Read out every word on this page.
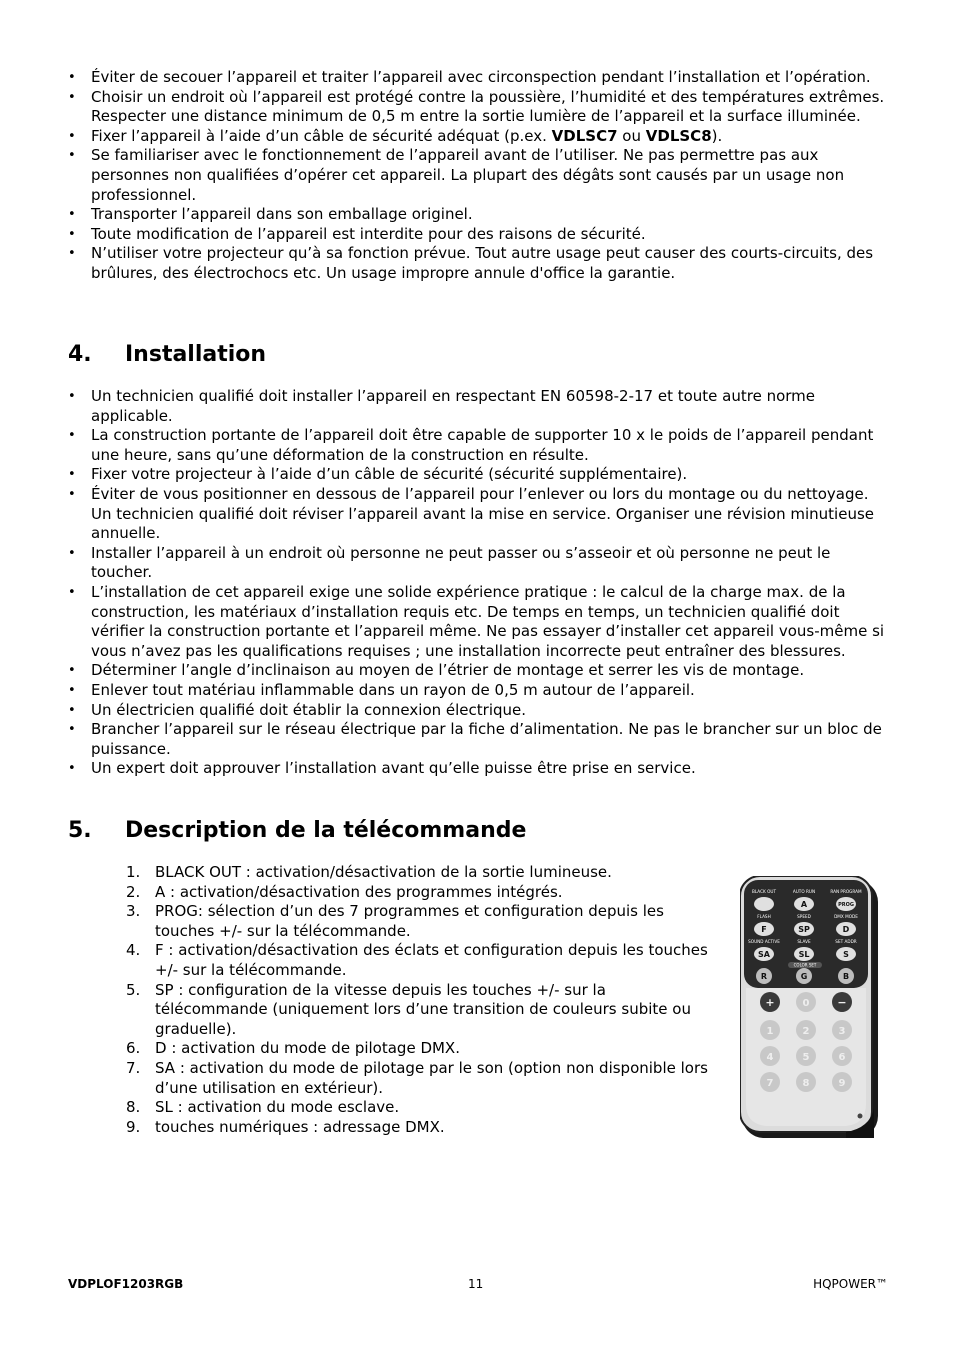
• Éviter de secouer l’appareil et traiter l’appareil avec circonspection pendant l’installation et l’opération.
• Choisir un endroit où l’appareil est protégé contre la poussière, l’humidité et des températures extrêmes. Respecter une distance minimum de 0,5 m entre la sortie lumière de l’appareil et la surface illuminée.
• Fixer l’appareil à l’aide d’un câble de sécurité adéquat (p.ex. VDLSC7 ou VDLSC8).
• Se familiariser avec le fonctionnement de l’appareil avant de l’utiliser. Ne pas permettre pas aux personnes non qualifiées d’opérer cet appareil. La plupart des dégâts sont causés par un usage non professionnel.
• Transporter l’appareil dans son emballage originel.
• Toute modification de l’appareil est interdite pour des raisons de sécurité.
• N’utiliser votre projecteur qu’à sa fonction prévue. Tout autre usage peut causer des courts-circuits, des brûlures, des électrochocs etc. Un usage impropre annule d'office la garantie.
4. Installation
• Un technicien qualifié doit installer l’appareil en respectant EN 60598-2-17 et toute autre norme applicable.
• La construction portante de l’appareil doit être capable de supporter 10 x le poids de l’appareil pendant une heure, sans qu’une déformation de la construction en résulte.
• Fixer votre projecteur à l’aide d’un câble de sécurité (sécurité supplémentaire).
• Éviter de vous positionner en dessous de l’appareil pour l’enlever ou lors du montage ou du nettoyage. Un technicien qualifié doit réviser l’appareil avant la mise en service. Organiser une révision minutieuse annuelle.
• Installer l’appareil à un endroit où personne ne peut passer ou s’asseoir et où personne ne peut le toucher.
• L’installation de cet appareil exige une solide expérience pratique : le calcul de la charge max. de la construction, les matériaux d’installation requis etc. De temps en temps, un technicien qualifié doit vérifier la construction portante et l’appareil même. Ne pas essayer d’installer cet appareil vous-même si vous n’avez pas les qualifications requises ; une installation incorrecte peut entraîner des blessures.
• Déterminer l’angle d’inclinaison au moyen de l’étrier de montage et serrer les vis de montage.
• Enlever tout matériau inflammable dans un rayon de 0,5 m autour de l’appareil.
• Un électricien qualifié doit établir la connexion électrique.
• Brancher l’appareil sur le réseau électrique par la fiche d’alimentation. Ne pas le brancher sur un bloc de puissance.
• Un expert doit approuver l’installation avant qu’elle puisse être prise en service.
5. Description de la télécommande
1. BLACK OUT : activation/désactivation de la sortie lumineuse.
2. A : activation/désactivation des programmes intégrés.
3. PROG: sélection d’un des 7 programmes et configuration depuis les touches +/- sur la télécommande.
4. F : activation/désactivation des éclats et configuration depuis les touches +/- sur la télécommande.
5. SP : configuration de la vitesse depuis les touches +/- sur la télécommande (uniquement lors d’une transition de couleurs subite ou graduelle).
6. D : activation du mode de pilotage DMX.
7. SA : activation du mode de pilotage par le son (option non disponible lors d’une utilisation en extérieur).
8. SL : activation du mode esclave.
9. touches numériques : adressage DMX.
BLACK OUT	AUTO RUN	RAN PROGRAM
FLASH	SPEED	DMX MODE
SOUND ACTIVE	SLAVE	SET ADDR
A	PROG
F	SP	D
SA	SL	S
COLOR SET
R	G	B
+	0	−
1	2	3
4	5	6
7	8	9
VDPLOF1203RGB	11	HQPOWER™
